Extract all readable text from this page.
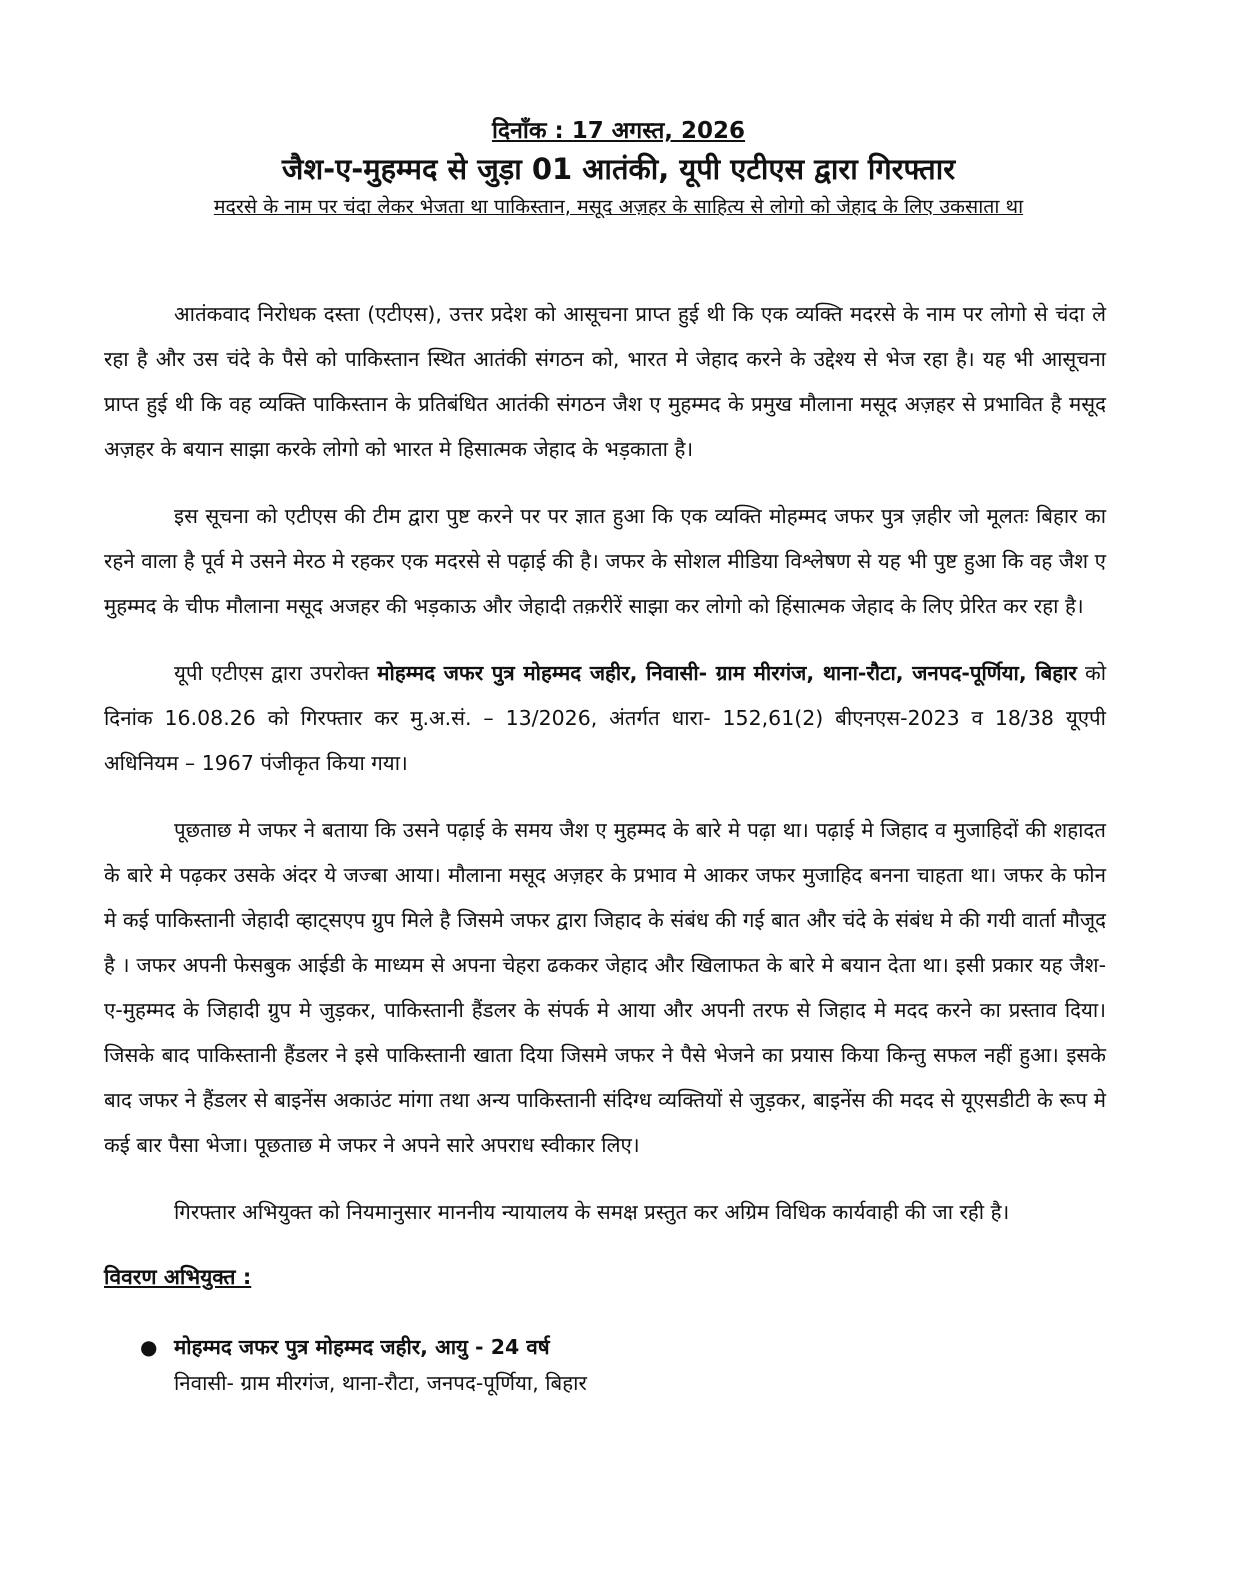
दिनाँक : 17 अगस्त, 2026
जैश-ए-मुहम्मद से जुड़ा 01 आतंकी, यूपी एटीएस द्वारा गिरफ्तार
मदरसे के नाम पर चंदा लेकर भेजता था पाकिस्तान, मसूद अज़हर के साहित्य से लोगो को जेहाद के लिए उकसाता था

आतंकवाद निरोधक दस्ता (एटीएस), उत्तर प्रदेश को आसूचना प्राप्त हुई थी कि एक व्यक्ति मदरसे के नाम पर लोगो से चंदा ले रहा है और उस चंदे के पैसे को पाकिस्तान स्थित आतंकी संगठन को, भारत मे जेहाद करने के उद्देश्य से भेज रहा है। यह भी आसूचना प्राप्त हुई थी कि वह व्यक्ति पाकिस्तान के प्रतिबंधित आतंकी संगठन जैश ए मुहम्मद के प्रमुख मौलाना मसूद अज़हर से प्रभावित है मसूद अज़हर के बयान साझा करके लोगो को भारत मे हिसात्मक जेहाद के भड़काता है।

इस सूचना को एटीएस की टीम द्वारा पुष्ट करने पर पर ज्ञात हुआ कि एक व्यक्ति मोहम्मद जफर पुत्र ज़हीर जो मूलतः बिहार का रहने वाला है पूर्व मे उसने मेरठ मे रहकर एक मदरसे से पढ़ाई की है। जफर के सोशल मीडिया विश्लेषण से यह भी पुष्ट हुआ कि वह जैश ए मुहम्मद के चीफ मौलाना मसूद अजहर की भड़काऊ और जेहादी तक़रीरें साझा कर लोगो को हिंसात्मक जेहाद के लिए प्रेरित कर रहा है।

यूपी एटीएस द्वारा उपरोक्त मोहम्मद जफर पुत्र मोहम्मद जहीर, निवासी- ग्राम मीरगंज, थाना-रौटा, जनपद-पूर्णिया, बिहार को दिनांक 16.08.26 को गिरफ्तार कर मु.अ.सं. – 13/2026, अंतर्गत धारा- 152,61(2) बीएनएस-2023 व 18/38 यूएपी अधिनियम – 1967 पंजीकृत किया गया।

पूछताछ मे जफर ने बताया कि उसने पढ़ाई के समय जैश ए मुहम्मद के बारे मे पढ़ा था। पढ़ाई मे जिहाद व मुजाहिदों की शहादत के बारे मे पढ़कर उसके अंदर ये जज्बा आया। मौलाना मसूद अज़हर के प्रभाव मे आकर जफर मुजाहिद बनना चाहता था। जफर के फोन मे कई पाकिस्तानी जेहादी व्हाट्सएप ग्रुप मिले है जिसमे जफर द्वारा जिहाद के संबंध की गई बात और चंदे के संबंध मे की गयी वार्ता मौजूद है । जफर अपनी फेसबुक आईडी के माध्यम से अपना चेहरा ढककर जेहाद और खिलाफत के बारे मे बयान देता था। इसी प्रकार यह जैश-ए-मुहम्मद के जिहादी ग्रुप मे जुड़कर, पाकिस्तानी हैंडलर के संपर्क मे आया और अपनी तरफ से जिहाद मे मदद करने का प्रस्ताव दिया। जिसके बाद पाकिस्तानी हैंडलर ने इसे पाकिस्तानी खाता दिया जिसमे जफर ने पैसे भेजने का प्रयास किया किन्तु सफल नहीं हुआ। इसके बाद जफर ने हैंडलर से बाइनेंस अकाउंट मांगा तथा अन्य पाकिस्तानी संदिग्ध व्यक्तियों से जुड़कर, बाइनेंस की मदद से यूएसडीटी के रूप मे कई बार पैसा भेजा। पूछताछ मे जफर ने अपने सारे अपराध स्वीकार लिए।

गिरफ्तार अभियुक्त को नियमानुसार माननीय न्यायालय के समक्ष प्रस्तुत कर अग्रिम विधिक कार्यवाही की जा रही है।

विवरण अभियुक्त :
● मोहम्मद जफर पुत्र मोहम्मद जहीर, आयु - 24 वर्ष
निवासी- ग्राम मीरगंज, थाना-रौटा, जनपद-पूर्णिया, बिहार
